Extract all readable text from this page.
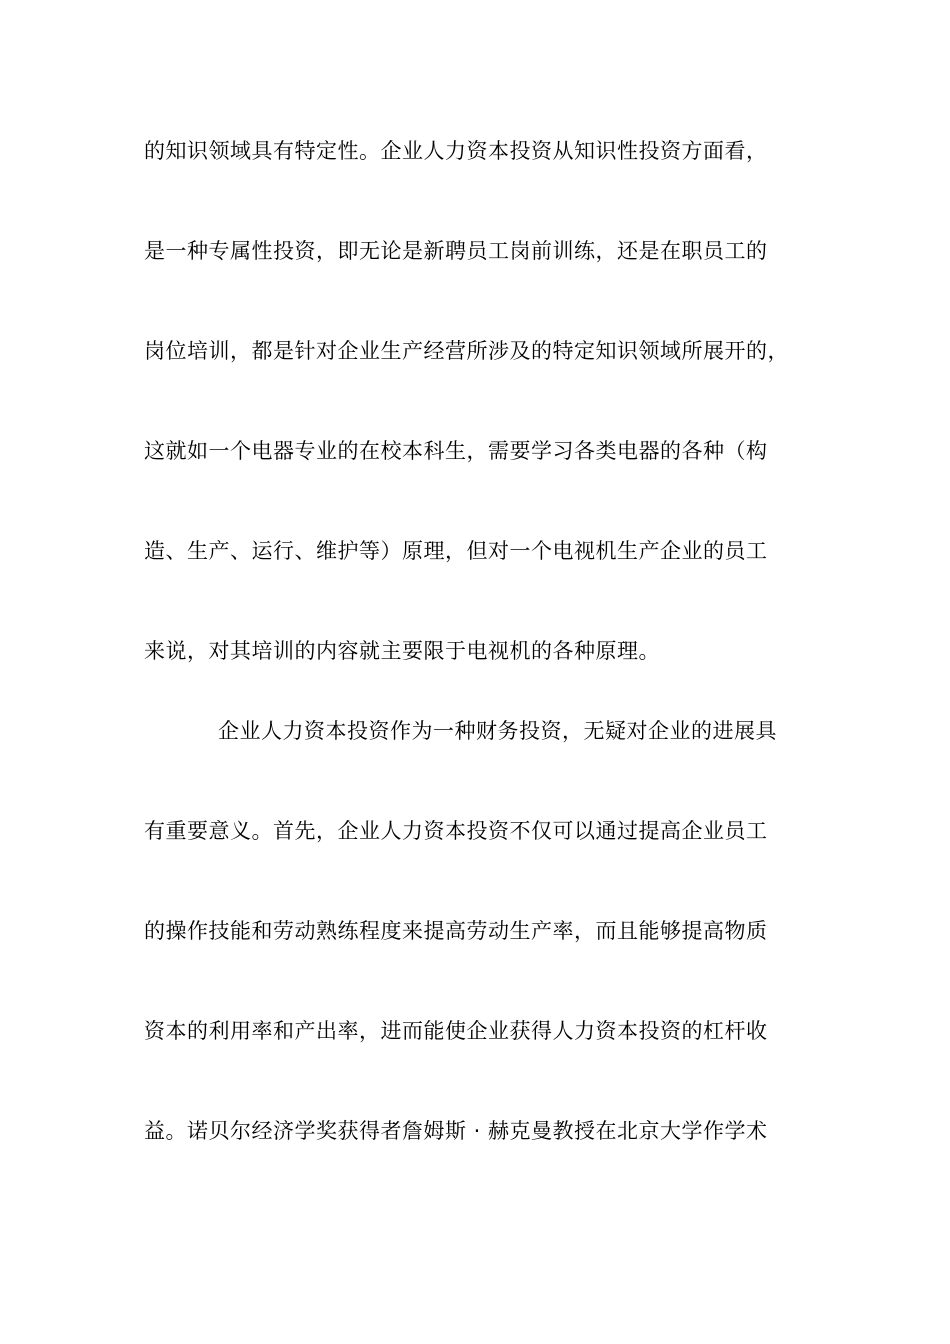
的知识领域具有特定性。企业人力资本投资从知识性投资方面看，
是一种专属性投资，即无论是新聘员工岗前训练，还是在职员工的
岗位培训，都是针对企业生产经营所涉及的特定知识领域所展开的，
这就如一个电器专业的在校本科生，需要学习各类电器的各种（构
造、生产、运行、维护等）原理，但对一个电视机生产企业的员工
来说，对其培训的内容就主要限于电视机的各种原理。
企业人力资本投资作为一种财务投资，无疑对企业的进展具
有重要意义。首先，企业人力资本投资不仅可以通过提高企业员工
的操作技能和劳动熟练程度来提高劳动生产率，而且能够提高物质
资本的利用率和产出率，进而能使企业获得人力资本投资的杠杆收
益。诺贝尔经济学奖获得者詹姆斯 · 赫克曼教授在北京大学作学术
